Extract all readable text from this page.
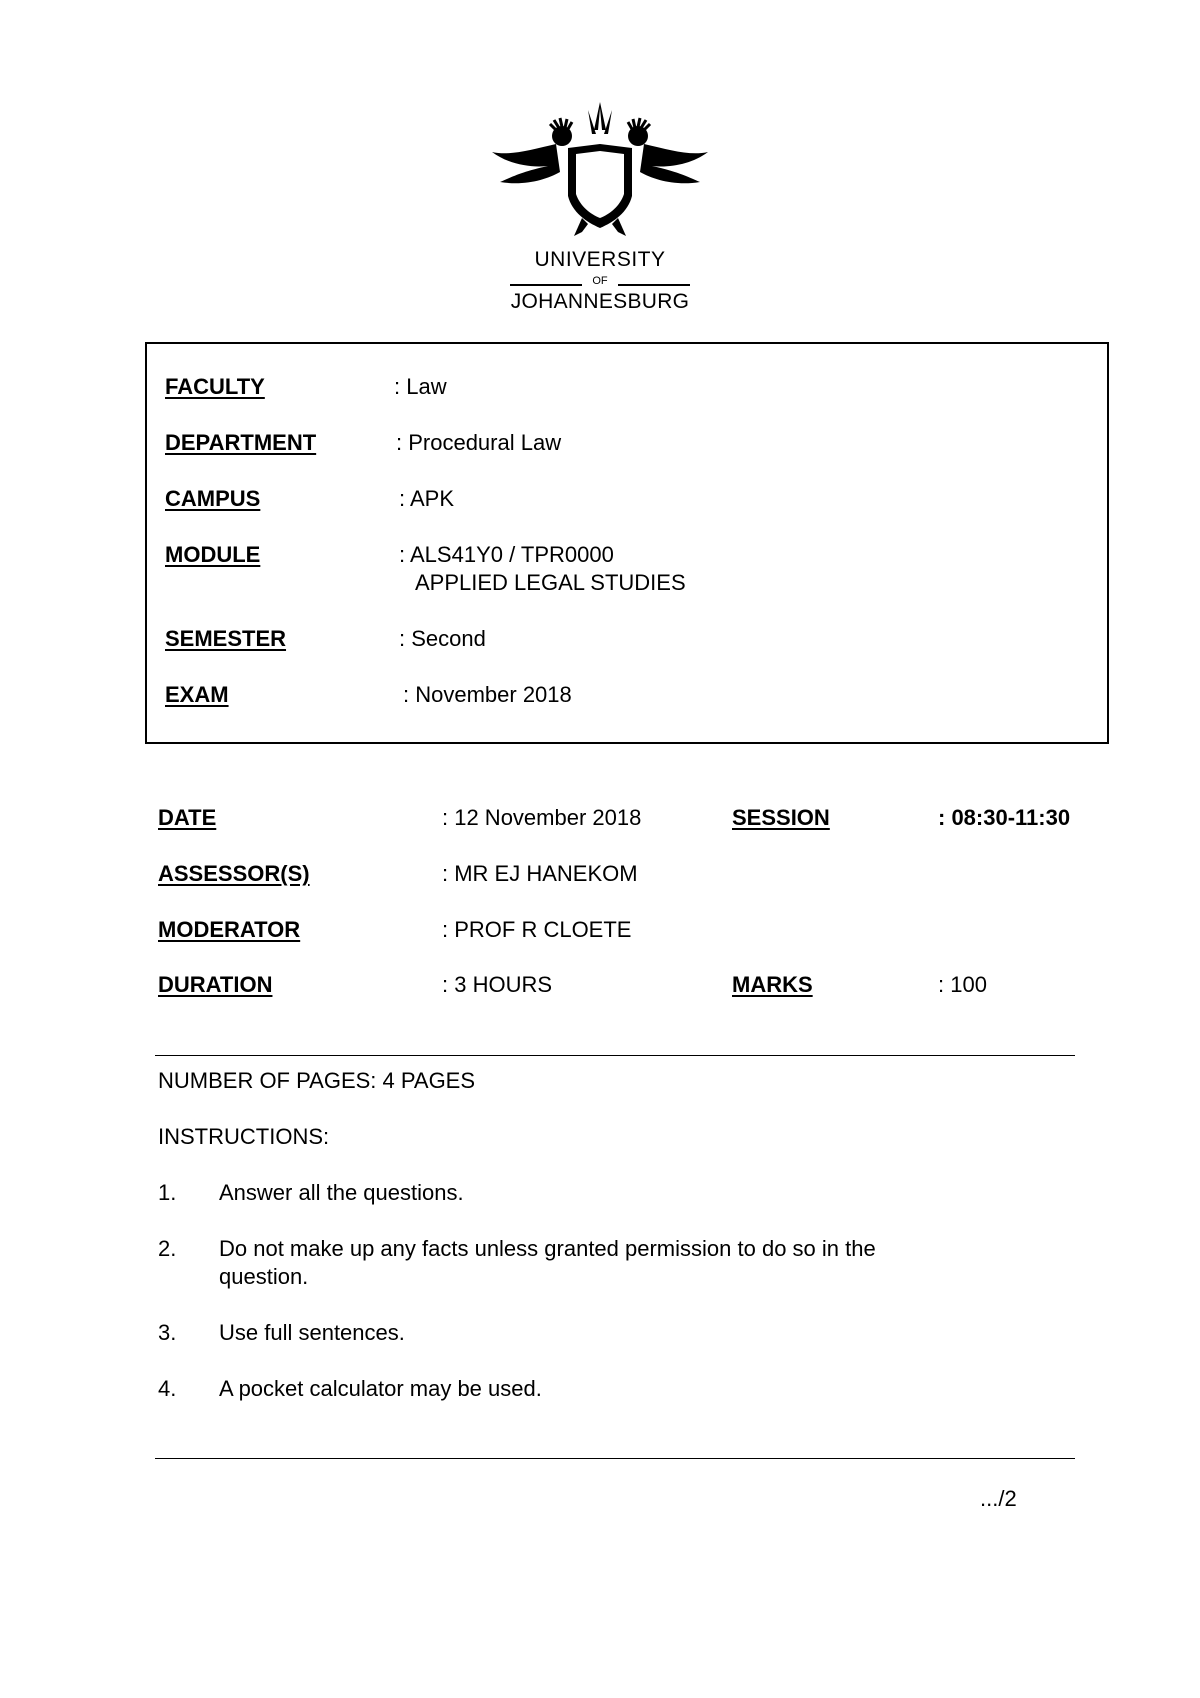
UNIVERSITY
OF
JOHANNESBURG
FACULTY	: Law
DEPARTMENT	: Procedural Law
CAMPUS	: APK
MODULE	: ALS41Y0 / TPR0000
APPLIED LEGAL STUDIES
SEMESTER	: Second
EXAM	: November 2018
DATE	: 12 November 2018	SESSION	: 08:30-11:30
ASSESSOR(S)	: MR EJ HANEKOM
MODERATOR	: PROF R CLOETE
DURATION	: 3 HOURS	MARKS	: 100
NUMBER OF PAGES: 4 PAGES
INSTRUCTIONS:
1. Answer all the questions.
2. Do not make up any facts unless granted permission to do so in the
question.
3. Use full sentences.
4. A pocket calculator may be used.
.../2
